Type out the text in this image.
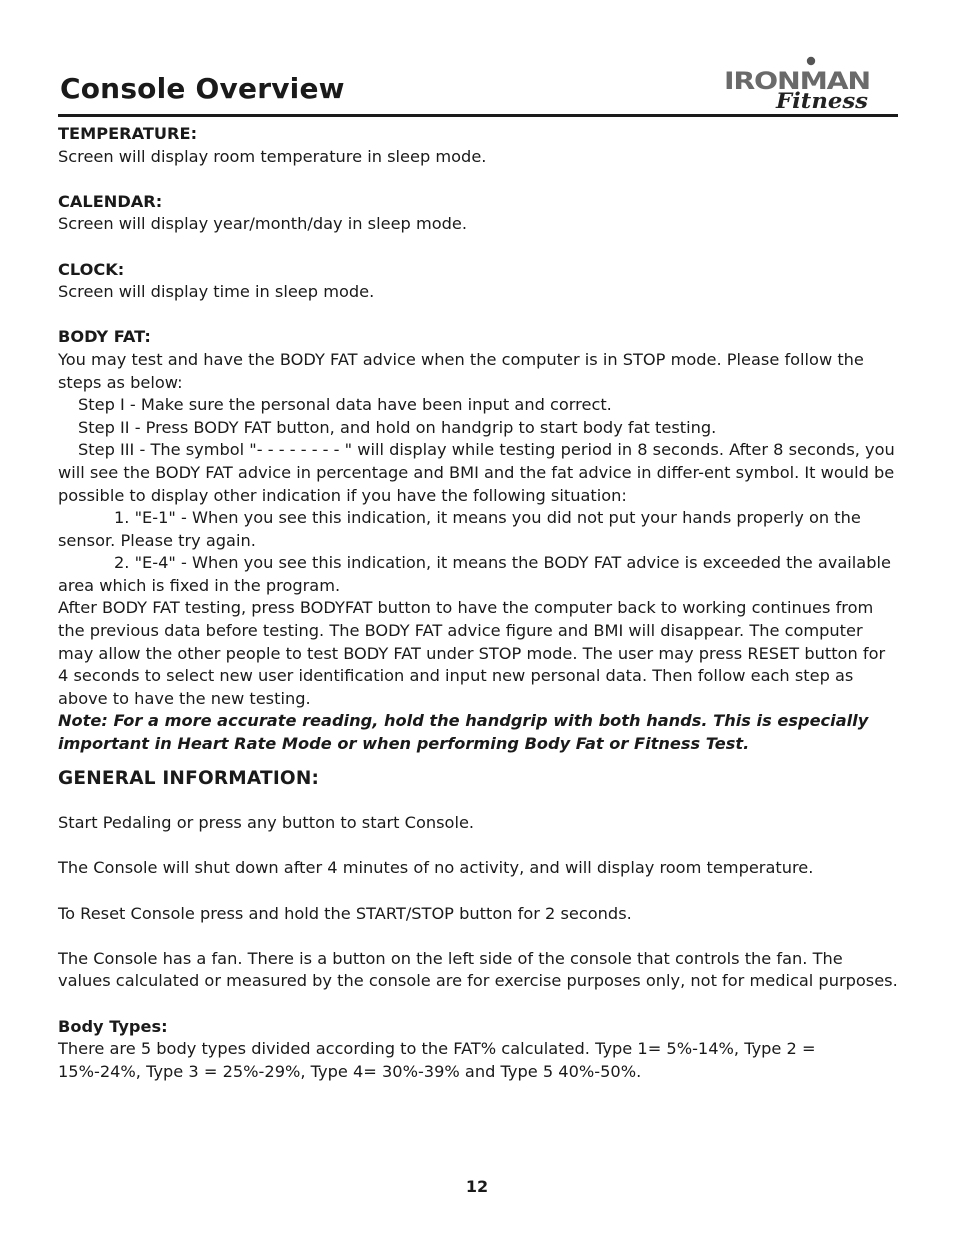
Console Overview	IRONMAN
Fitness

TEMPERATURE:

Screen will display room temperature in sleep mode.

CALENDAR:

Screen will display year/month/day in sleep mode.

CLOCK:

Screen will display time in sleep mode.

BODY FAT:

You may test and have the BODY FAT advice when the computer is in STOP mode. Please follow the steps as below:

Step I - Make sure the personal data have been input and correct.

Step II - Press BODY FAT button, and hold on handgrip to start body fat testing.

Step III - The symbol "- - - - - - - - " will display while testing period in 8 seconds. After 8 seconds, you will see the BODY FAT advice in percentage and BMI and the fat advice in differ-ent symbol. It would be possible to display other indication if you have the following situation:

1. "E-1" - When you see this indication, it means you did not put your hands properly on the sensor. Please try again.

2. "E-4" - When you see this indication, it means the BODY FAT advice is exceeded the available area which is fixed in the program.

After BODY FAT testing, press BODYFAT button to have the computer back to working continues from the previous data before testing. The BODY FAT advice figure and BMI will disappear. The computer may allow the other people to test BODY FAT under STOP mode. The user may press RESET button for 4 seconds to select new user identification and input new personal data. Then follow each step as above to have the new testing.

Note: For a more accurate reading, hold the handgrip with both hands. This is especially important in Heart Rate Mode or when performing Body Fat or Fitness Test.

GENERAL INFORMATION:

Start Pedaling or press any button to start Console.

The Console will shut down after 4 minutes of no activity, and will display room temperature.

To Reset Console press and hold the START/STOP button for 2 seconds.

The Console has a fan. There is a button on the left side of the console that controls the fan. The values calculated or measured by the console are for exercise purposes only, not for medical purposes.

Body Types:

There are 5 body types divided according to the FAT% calculated. Type 1= 5%-14%, Type 2 = 15%-24%, Type 3 = 25%-29%, Type 4= 30%-39% and Type 5 40%-50%.

12
